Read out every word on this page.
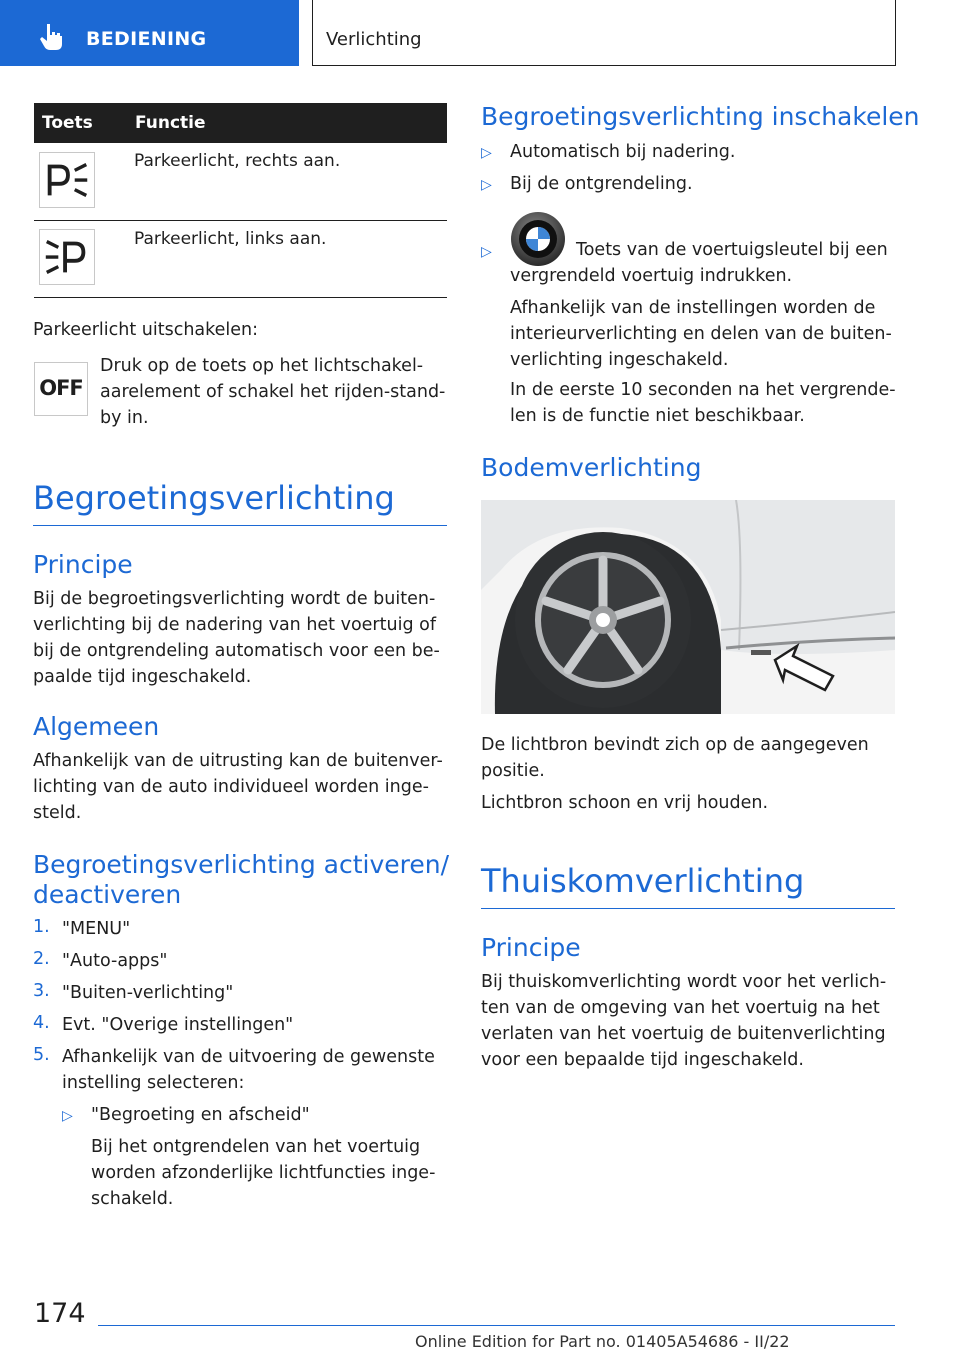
BEDIENING	Verlichting
Toets Functie
Parkeerlicht, rechts aan.
Parkeerlicht, links aan.
Parkeerlicht uitschakelen:
OFF
Druk op de toets op het lichtschakel-
aarelement of schakel het rijden-stand-
by in.
Begroetingsverlichting
Principe
Bij de begroetingsverlichting wordt de buiten-
verlichting bij de nadering van het voertuig of
bij de ontgrendeling automatisch voor een be-
paalde tijd ingeschakeld.
Algemeen
Afhankelijk van de uitrusting kan de buitenver-
lichting van de auto individueel worden inge-
steld.
Begroetingsverlichting activeren/
deactiveren
1. "MENU"
2. "Auto-apps"
3. "Buiten-verlichting"
4. Evt. "Overige instellingen"
5. Afhankelijk van de uitvoering de gewenste
instelling selecteren:
▷ "Begroeting en afscheid"
Bij het ontgrendelen van het voertuig
worden afzonderlijke lichtfuncties inge-
schakeld.
Begroetingsverlichting inschakelen
▷ Automatisch bij nadering.
▷ Bij de ontgrendeling.
▷	Toets van de voertuigsleutel bij een
vergrendeld voertuig indrukken.
Afhankelijk van de instellingen worden de
interieurverlichting en delen van de buiten-
verlichting ingeschakeld.
In de eerste 10 seconden na het vergrende-
len is de functie niet beschikbaar.
Bodemverlichting
De lichtbron bevindt zich op de aangegeven
positie.
Lichtbron schoon en vrij houden.
Thuiskomverlichting
Principe
Bij thuiskomverlichting wordt voor het verlich-
ten van de omgeving van het voertuig na het
verlaten van het voertuig de buitenverlichting
voor een bepaalde tijd ingeschakeld.
174
Online Edition for Part no. 01405A54686 - II/22
